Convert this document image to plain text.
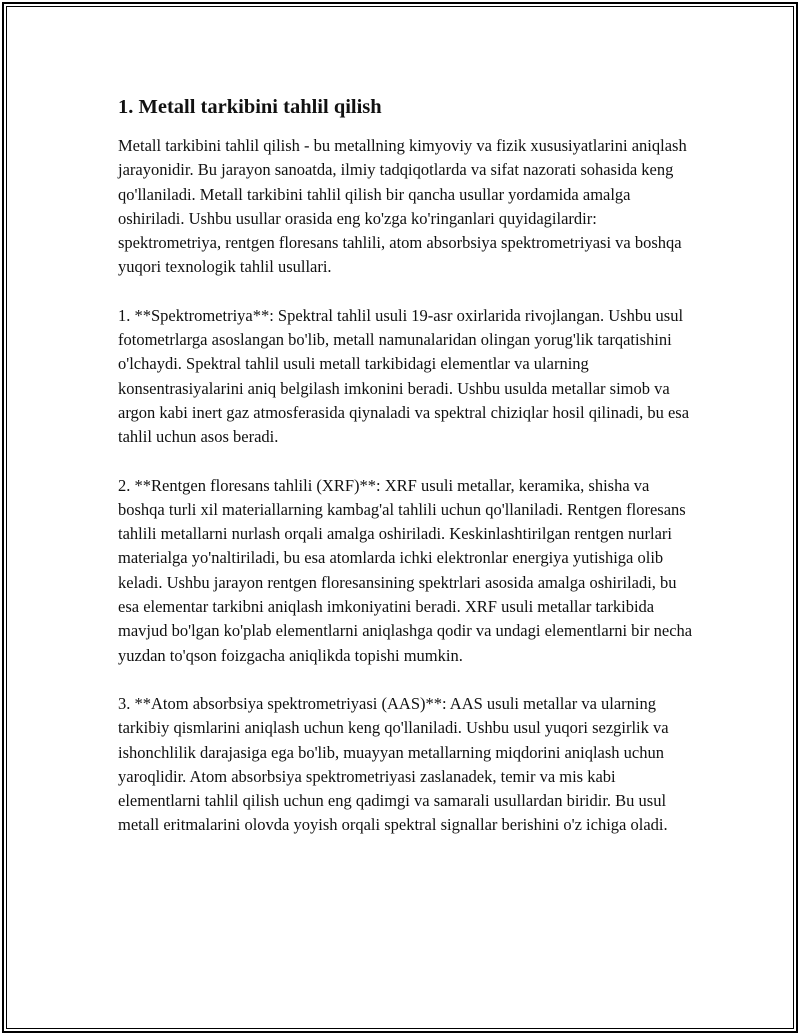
1. Metall tarkibini tahlil qilish

Metall tarkibini tahlil qilish - bu metallning kimyoviy va fizik xususiyatlarini aniqlash jarayonidir. Bu jarayon sanoatda, ilmiy tadqiqotlarda va sifat nazorati sohasida keng qo'llaniladi. Metall tarkibini tahlil qilish bir qancha usullar yordamida amalga oshiriladi. Ushbu usullar orasida eng ko'zga ko'ringanlari quyidagilardir: spektrometriya, rentgen floresans tahlili, atom absorbsiya spektrometriyasi va boshqa yuqori texnologik tahlil usullari.

1. **Spektrometriya**: Spektral tahlil usuli 19-asr oxirlarida rivojlangan. Ushbu usul fotometrlarga asoslangan bo'lib, metall namunalaridan olingan yorug'lik tarqatishini o'lchaydi. Spektral tahlil usuli metall tarkibidagi elementlar va ularning konsentrasiyalarini aniq belgilash imkonini beradi. Ushbu usulda metallar simob va argon kabi inert gaz atmosferasida qiynaladi va spektral chiziqlar hosil qilinadi, bu esa tahlil uchun asos beradi.

2. **Rentgen floresans tahlili (XRF)**: XRF usuli metallar, keramika, shisha va boshqa turli xil materiallarning kambag'al tahlili uchun qo'llaniladi. Rentgen floresans tahlili metallarni nurlash orqali amalga oshiriladi. Keskinlashtirilgan rentgen nurlari materialga yo'naltiriladi, bu esa atomlarda ichki elektronlar energiya yutishiga olib keladi. Ushbu jarayon rentgen floresansining spektrlari asosida amalga oshiriladi, bu esa elementar tarkibni aniqlash imkoniyatini beradi. XRF usuli metallar tarkibida mavjud bo'lgan ko'plab elementlarni aniqlashga qodir va undagi elementlarni bir necha yuzdan to'qson foizgacha aniqlikda topishi mumkin.

3. **Atom absorbsiya spektrometriyasi (AAS)**: AAS usuli metallar va ularning tarkibiy qismlarini aniqlash uchun keng qo'llaniladi. Ushbu usul yuqori sezgirlik va ishonchlilik darajasiga ega bo'lib, muayyan metallarning miqdorini aniqlash uchun yaroqlidir. Atom absorbsiya spektrometriyasi zaslanadek, temir va mis kabi elementlarni tahlil qilish uchun eng qadimgi va samarali usullardan biridir. Bu usul metall eritmalarini olovda yoyish orqali spektral signallar berishini o'z ichiga oladi.
